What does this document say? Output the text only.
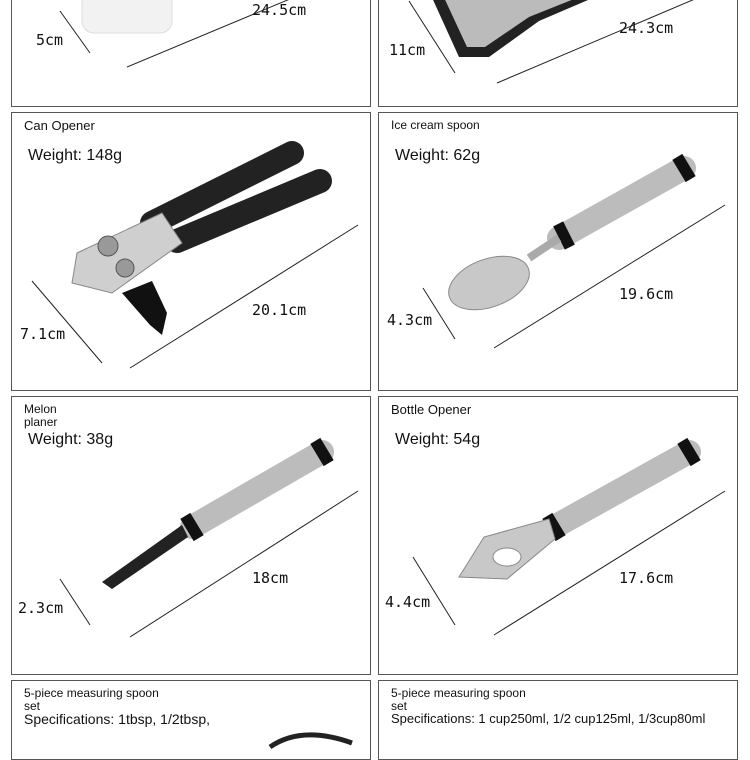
24.5cm
5cm
24.3cm
11cm
Can Opener
Weight: 148g
20.1cm
7.1cm
Ice cream spoon
Weight: 62g
19.6cm
4.3cm
Melon
planer
Weight: 38g
18cm
2.3cm
Bottle Opener
Weight: 54g
17.6cm
4.4cm
5-piece measuring spoon
set
Specifications: 1tbsp, 1/2tbsp,
5-piece measuring spoon
set
Specifications: 1 cup250ml, 1/2 cup125ml, 1/3cup80ml
